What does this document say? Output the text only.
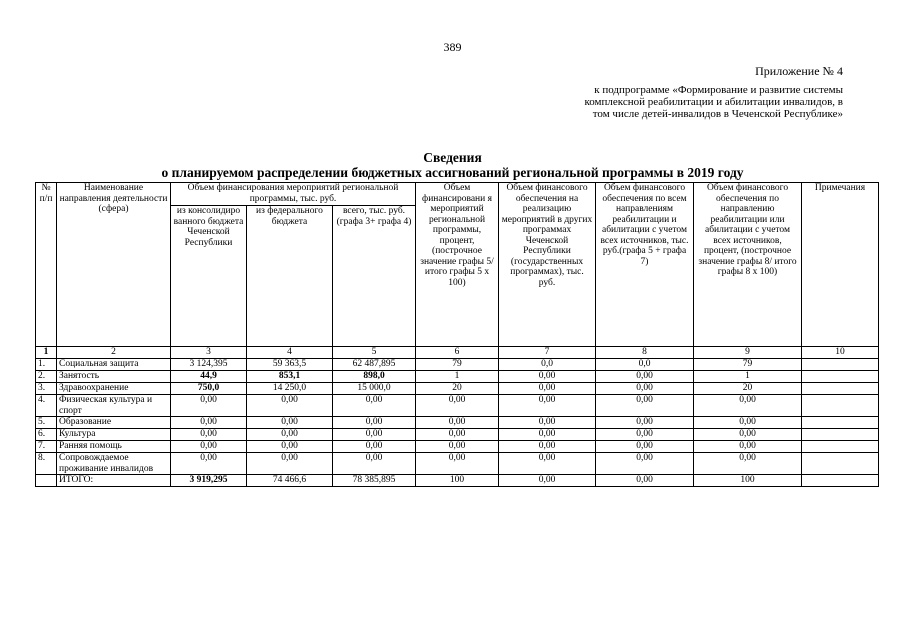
389
Приложение № 4
к подпрограмме «Формирование и развитие системы
комплексной реабилитации и абилитации инвалидов, в
том числе детей-инвалидов в Чеченской Республике»
Сведения
о планируемом распределении бюджетных ассигнований региональной программы в 2019 году
№ п/п	Наименование направления деятельности (сфера)	Объем финансирования мероприятий региональной программы, тыс. руб.			Объем финансировани я мероприятий региональной программы, процент, (построчное значение графы 5/ итого графы 5 х 100)	Объем финансового обеспечения на реализацию мероприятий в других программах Чеченской Республики (государственных программах), тыс. руб.	Объем финансового обеспечения по всем направлениям реабилитации и абилитации с учетом всех источников, тыс. руб.(графа 5 + графа 7)	Объем финансового обеспечения по направлению реабилитации или абилитации с учетом всех источников, процент, (построчное значение графы 8/ итого графы 8 х 100)	Примечания
		из консолидиро ванного бюджета Чеченской Республики	из федерального бюджета	всего, тыс. руб. (графа 3+ графа 4)					
1	2	3	4	5	6	7	8	9	10
1.	Социальная защита	3 124,395	59 363,5	62 487,895	79	0,0	0,0	79	
2.	Занятость	44,9	853,1	898,0	1	0,00	0,00	1	
3.	Здравоохранение	750,0	14 250,0	15 000,0	20	0,00	0,00	20	
4.	Физическая культура и спорт	0,00	0,00	0,00	0,00	0,00	0,00	0,00	
5.	Образование	0,00	0,00	0,00	0,00	0,00	0,00	0,00	
6.	Культура	0,00	0,00	0,00	0,00	0,00	0,00	0,00	
7.	Ранняя помощь	0,00	0,00	0,00	0,00	0,00	0,00	0,00	
8.	Сопровождаемое проживание инвалидов	0,00	0,00	0,00	0,00	0,00	0,00	0,00	
	ИТОГО:	3 919,295	74 466,6	78 385,895	100	0,00	0,00	100	
